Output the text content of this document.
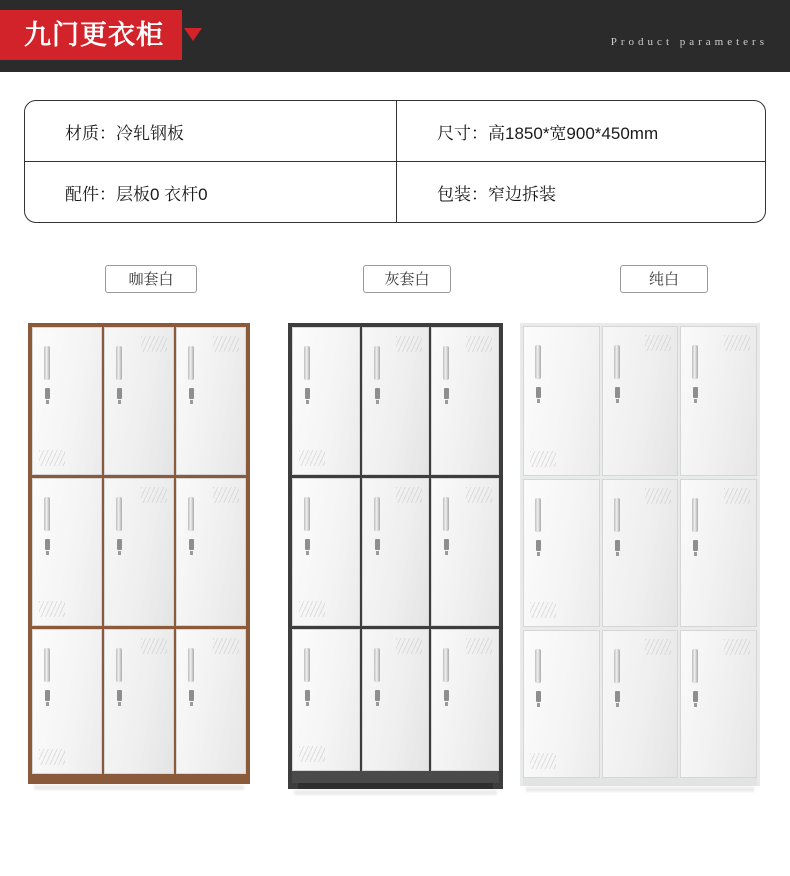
九门更衣柜	Product parameters
材质： 冷轧钢板	尺寸： 高1850*宽900*450mm
配件： 层板0 衣杆0	包装： 窄边拆装
咖套白	灰套白	纯白
